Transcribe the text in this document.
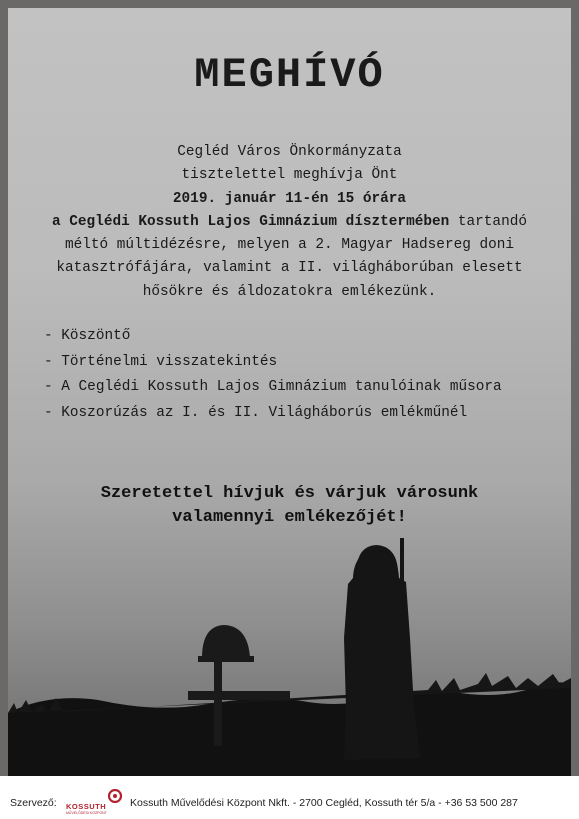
MEGHÍVÓ
Cegléd Város Önkormányzata
tisztelettel meghívja Önt
2019. január 11-én 15 órára
a Ceglédi Kossuth Lajos Gimnázium dísztermében tartandó
méltó múltidézésre, melyen a 2. Magyar Hadsereg doni
katasztrófájára, valamint a II. világháborúban elesett
hősökre és áldozatokra emlékezünk.
- Köszöntő
- Történelmi visszatekintés
- A Ceglédi Kossuth Lajos Gimnázium tanulóinak műsora
- Koszorúzás az I. és II. Világháborús emlékműnél
Szeretettel hívjuk és várjuk városunk
valamennyi emlékezőjét!
Szervező: KOSSUTH
MŰVELŐDÉSI KÖZPONT
Kossuth Művelődési Központ Nkft. - 2700 Cegléd, Kossuth tér 5/a - +36 53 500 287
